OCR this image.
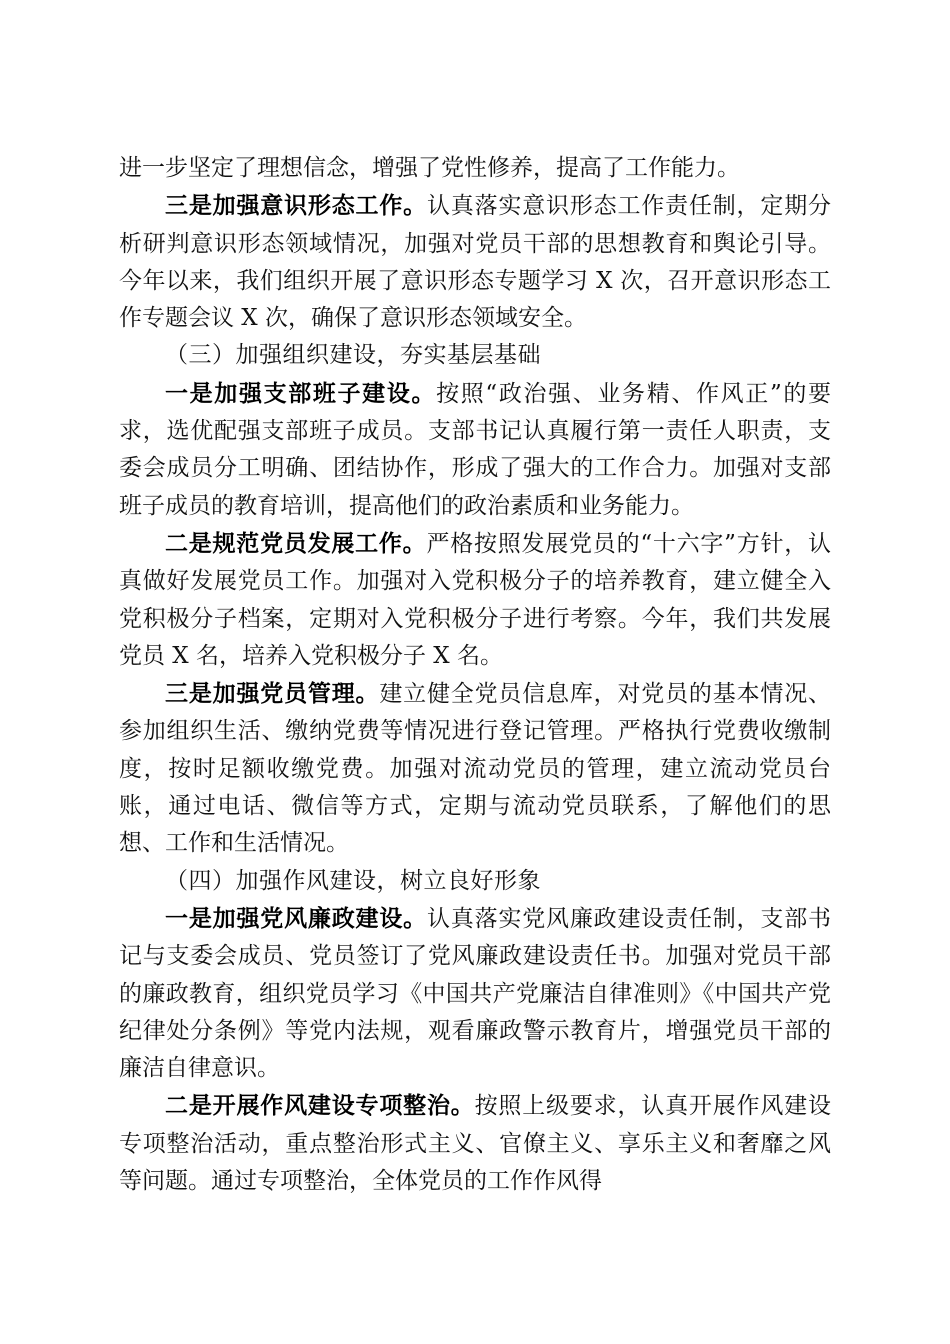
进一步坚定了理想信念，增强了党性修养，提高了工作能力。

三是加强意识形态工作。认真落实意识形态工作责任制，定期分析研判意识形态领域情况，加强对党员干部的思想教育和舆论引导。今年以来，我们组织开展了意识形态专题学习 X 次，召开意识形态工作专题会议 X 次，确保了意识形态领域安全。

（三）加强组织建设，夯实基层基础

一是加强支部班子建设。按照“政治强、业务精、作风正”的要求，选优配强支部班子成员。支部书记认真履行第一责任人职责，支委会成员分工明确、团结协作，形成了强大的工作合力。加强对支部班子成员的教育培训，提高他们的政治素质和业务能力。

二是规范党员发展工作。严格按照发展党员的“十六字”方针，认真做好发展党员工作。加强对入党积极分子的培养教育，建立健全入党积极分子档案，定期对入党积极分子进行考察。今年，我们共发展党员 X 名，培养入党积极分子 X 名。

三是加强党员管理。建立健全党员信息库，对党员的基本情况、参加组织生活、缴纳党费等情况进行登记管理。严格执行党费收缴制度，按时足额收缴党费。加强对流动党员的管理，建立流动党员台账，通过电话、微信等方式，定期与流动党员联系，了解他们的思想、工作和生活情况。

（四）加强作风建设，树立良好形象

一是加强党风廉政建设。认真落实党风廉政建设责任制，支部书记与支委会成员、党员签订了党风廉政建设责任书。加强对党员干部的廉政教育，组织党员学习《中国共产党廉洁自律准则》《中国共产党纪律处分条例》等党内法规，观看廉政警示教育片，增强党员干部的廉洁自律意识。

二是开展作风建设专项整治。按照上级要求，认真开展作风建设专项整治活动，重点整治形式主义、官僚主义、享乐主义和奢靡之风等问题。通过专项整治，全体党员的工作作风得
